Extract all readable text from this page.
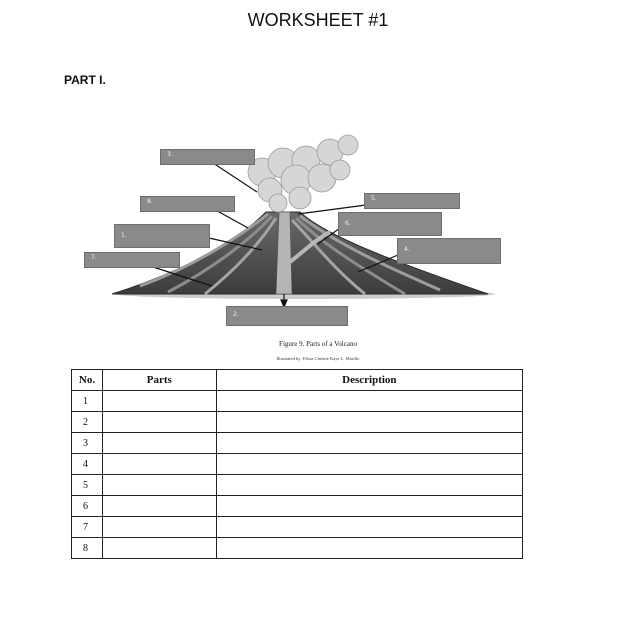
WORKSHEET #1
PART I.
3.
8.
1.
7.
5.
6.
4.
2.
Figure 9. Parts of a Volcano
Illustrated by: Elissa Christie Kaye L. Murillo
No.	Parts	Description
1		
2		
3		
4		
5		
6		
7		
8		
